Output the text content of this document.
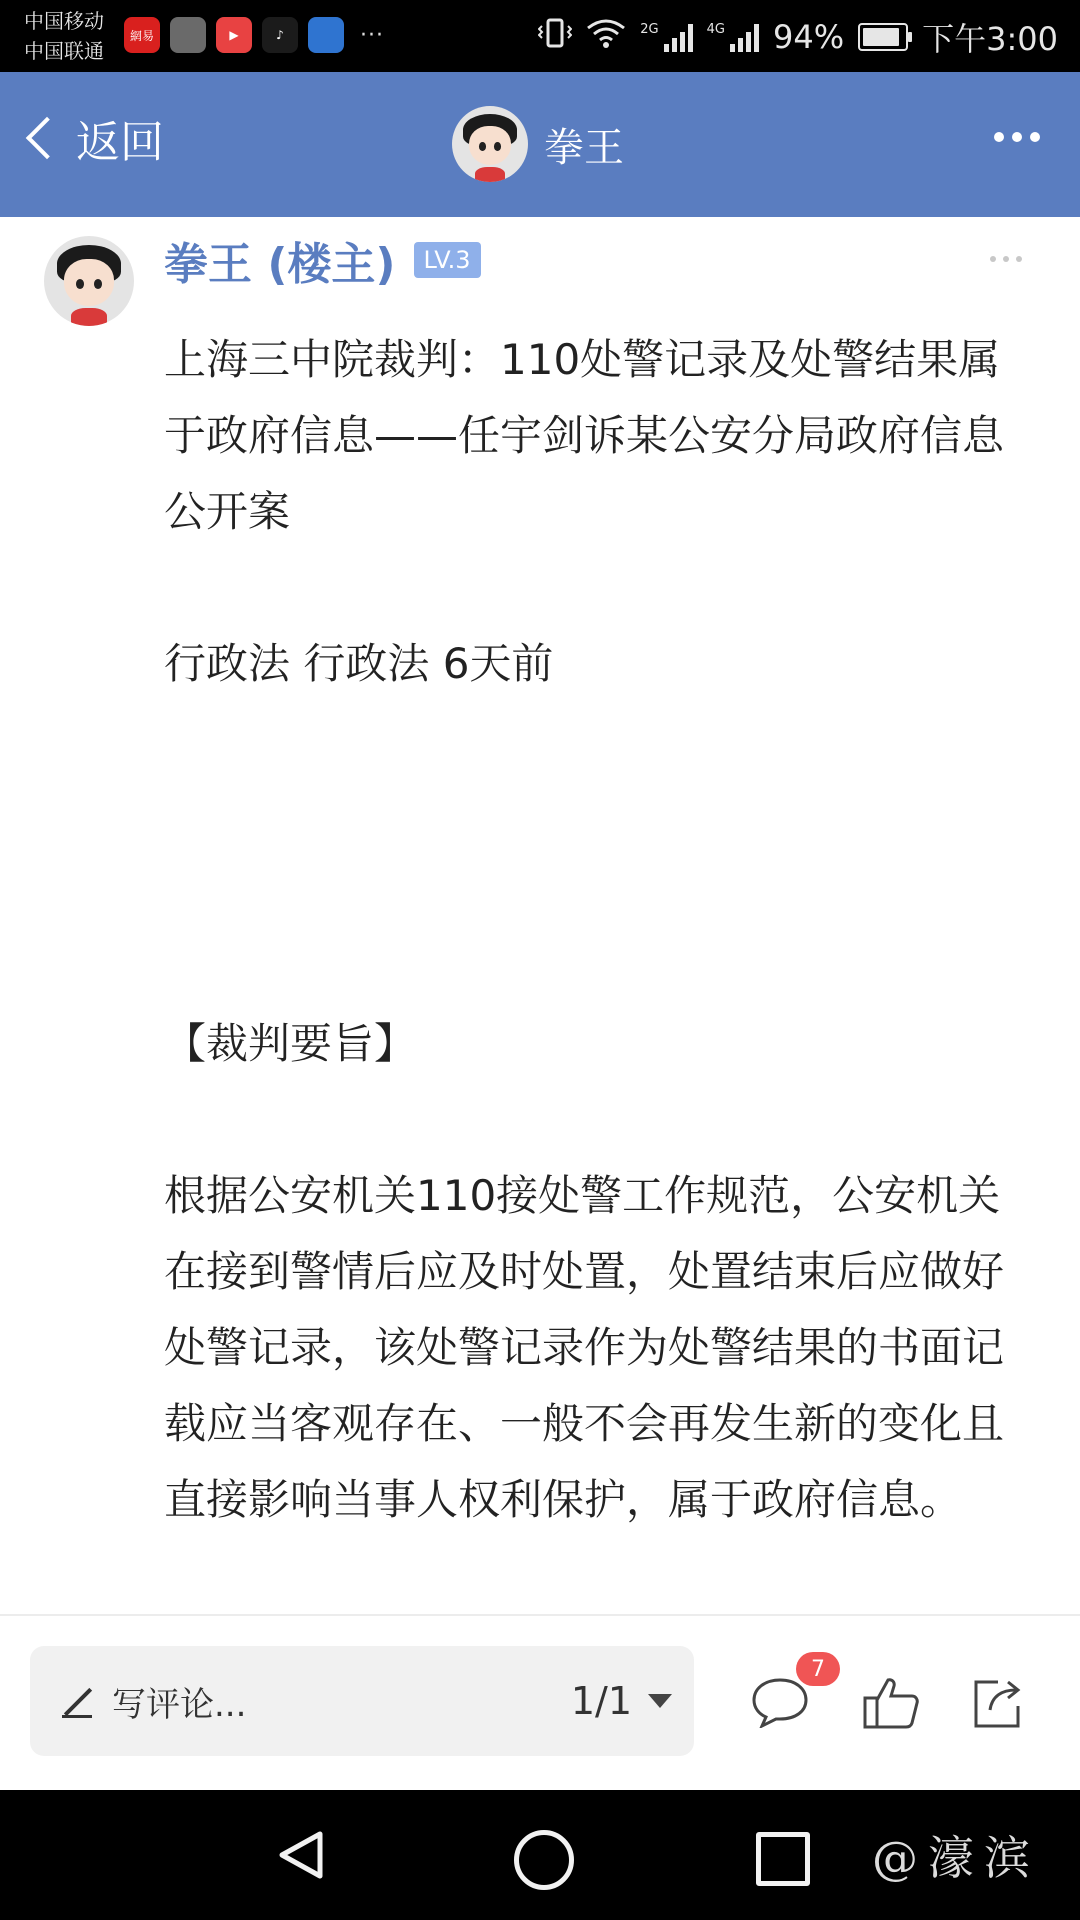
中国移动
中国联通
網易	▶	♪	···	2G	4G 94% 下午3:00
返回	拳王
拳王 (楼主)	LV.3

上海三中院裁判：110处警记录及处警结果属于政府信息——任宇剑诉某公安分局政府信息公开案

行政法 行政法 6天前

【裁判要旨】

根据公安机关110接处警工作规范，公安机关在接到警情后应及时处置，处置结束后应做好处警记录，该处警记录作为处警结果的书面记载应当客观存在、一般不会再发生新的变化且直接影响当事人权利保护，属于政府信息。

写评论...	1/1
7
@濠滨
